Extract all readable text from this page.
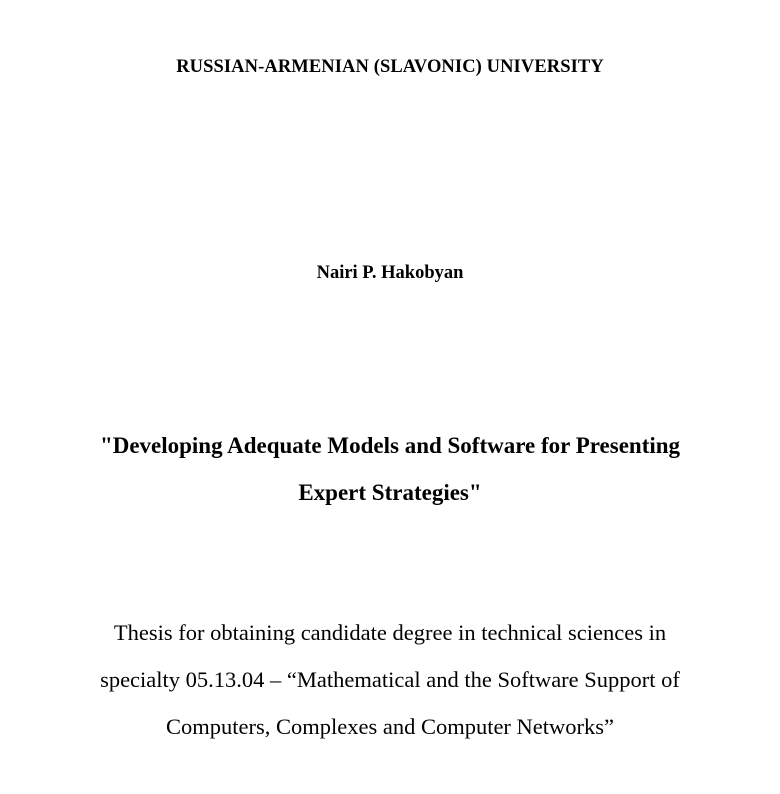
RUSSIAN-ARMENIAN (SLAVONIC) UNIVERSITY
Nairi P. Hakobyan
"Developing Adequate Models and Software for Presenting
Expert Strategies"
Thesis for obtaining candidate degree in technical sciences in
specialty 05.13.04 – “Mathematical and the Software Support of
Computers, Complexes and Computer Networks”
